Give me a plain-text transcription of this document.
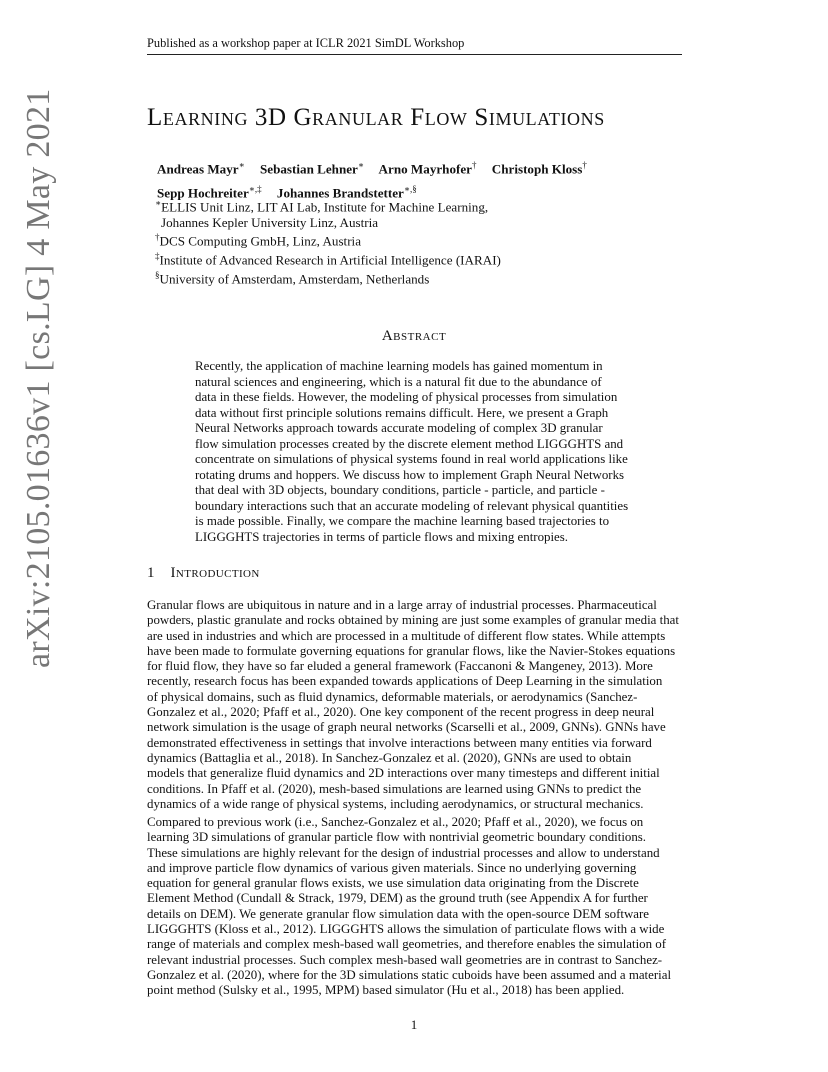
Published as a workshop paper at ICLR 2021 SimDL Workshop
arXiv:2105.01636v1 [cs.LG] 4 May 2021	Learning 3D Granular Flow Simulations
Andreas Mayr∗ Sebastian Lehner∗ Arno Mayrhofer† Christoph Kloss†
Sepp Hochreiter∗,‡ Johannes Brandstetter∗,§
∗ELLIS Unit Linz, LIT AI Lab, Institute for Machine Learning,
Johannes Kepler University Linz, Austria
†DCS Computing GmbH, Linz, Austria
‡Institute of Advanced Research in Artificial Intelligence (IARAI)
§University of Amsterdam, Amsterdam, Netherlands
Abstract
Recently, the application of machine learning models has gained momentum in
natural sciences and engineering, which is a natural fit due to the abundance of
data in these fields. However, the modeling of physical processes from simulation
data without first principle solutions remains difficult. Here, we present a Graph
Neural Networks approach towards accurate modeling of complex 3D granular
flow simulation processes created by the discrete element method LIGGGHTS and
concentrate on simulations of physical systems found in real world applications like
rotating drums and hoppers. We discuss how to implement Graph Neural Networks
that deal with 3D objects, boundary conditions, particle - particle, and particle -
boundary interactions such that an accurate modeling of relevant physical quantities
is made possible. Finally, we compare the machine learning based trajectories to
LIGGGHTS trajectories in terms of particle flows and mixing entropies.
1 Introduction
Granular flows are ubiquitous in nature and in a large array of industrial processes. Pharmaceutical
powders, plastic granulate and rocks obtained by mining are just some examples of granular media that
are used in industries and which are processed in a multitude of different flow states. While attempts
have been made to formulate governing equations for granular flows, like the Navier-Stokes equations
for fluid flow, they have so far eluded a general framework (Faccanoni & Mangeney, 2013). More
recently, research focus has been expanded towards applications of Deep Learning in the simulation
of physical domains, such as fluid dynamics, deformable materials, or aerodynamics (Sanchez-
Gonzalez et al., 2020; Pfaff et al., 2020). One key component of the recent progress in deep neural
network simulation is the usage of graph neural networks (Scarselli et al., 2009, GNNs). GNNs have
demonstrated effectiveness in settings that involve interactions between many entities via forward
dynamics (Battaglia et al., 2018). In Sanchez-Gonzalez et al. (2020), GNNs are used to obtain
models that generalize fluid dynamics and 2D interactions over many timesteps and different initial
conditions. In Pfaff et al. (2020), mesh-based simulations are learned using GNNs to predict the
dynamics of a wide range of physical systems, including aerodynamics, or structural mechanics.
Compared to previous work (i.e., Sanchez-Gonzalez et al., 2020; Pfaff et al., 2020), we focus on
learning 3D simulations of granular particle flow with nontrivial geometric boundary conditions.
These simulations are highly relevant for the design of industrial processes and allow to understand
and improve particle flow dynamics of various given materials. Since no underlying governing
equation for general granular flows exists, we use simulation data originating from the Discrete
Element Method (Cundall & Strack, 1979, DEM) as the ground truth (see Appendix A for further
details on DEM). We generate granular flow simulation data with the open-source DEM software
LIGGGHTS (Kloss et al., 2012). LIGGGHTS allows the simulation of particulate flows with a wide
range of materials and complex mesh-based wall geometries, and therefore enables the simulation of
relevant industrial processes. Such complex mesh-based wall geometries are in contrast to Sanchez-
Gonzalez et al. (2020), where for the 3D simulations static cuboids have been assumed and a material
point method (Sulsky et al., 1995, MPM) based simulator (Hu et al., 2018) has been applied.
1
